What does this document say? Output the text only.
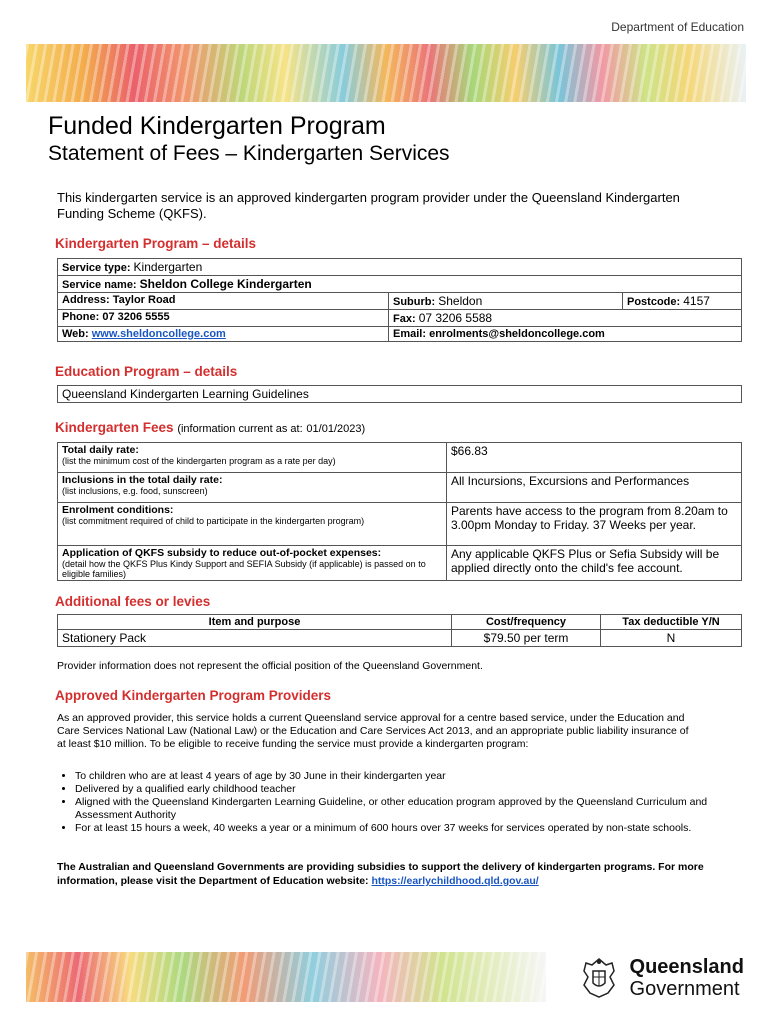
Department of Education
Funded Kindergarten Program
Statement of Fees – Kindergarten Services
This kindergarten service is an approved kindergarten program provider under the Queensland Kindergarten Funding Scheme (QKFS).
Kindergarten Program – details
Service type: Kindergarten		
Service name: Sheldon College Kindergarten		
Address: Taylor Road	Suburb: Sheldon	Postcode: 4157
Phone: 07 3206 5555	Fax: 07 3206 5588	
Web: www.sheldoncollege.com	Email: enrolments@sheldoncollege.com	
Education Program – details
Queensland Kindergarten Learning Guidelines
Kindergarten Fees (information current as at: 01/01/2023)
Total daily rate:
(list the minimum cost of the kindergarten program as a rate per day)	$66.83

Inclusions in the total daily rate:
(list inclusions, e.g. food, sunscreen)	All Incursions, Excursions and Performances

Enrolment conditions:
(list commitment required of child to participate in the kindergarten program)	Parents have access to the program from 8.20am to 3.00pm Monday to Friday. 37 Weeks per year.

Application of QKFS subsidy to reduce out-of-pocket expenses:
(detail how the QKFS Plus Kindy Support and SEFIA Subsidy (if applicable) is passed on to eligible families)	Any applicable QKFS Plus or Sefia Subsidy will be applied directly onto the child's fee account.
Additional fees or levies
Item and purpose	Cost/frequency	Tax deductible Y/N
Stationery Pack	$79.50 per term	N
Provider information does not represent the official position of the Queensland Government.
Approved Kindergarten Program Providers
As an approved provider, this service holds a current Queensland service approval for a centre based service, under the Education and Care Services National Law (National Law) or the Education and Care Services Act 2013, and an appropriate public liability insurance of at least $10 million. To be eligible to receive funding the service must provide a kindergarten program:
• To children who are at least 4 years of age by 30 June in their kindergarten year
• Delivered by a qualified early childhood teacher
• Aligned with the Queensland Kindergarten Learning Guideline, or other education program approved by the Queensland Curriculum and Assessment Authority
• For at least 15 hours a week, 40 weeks a year or a minimum of 600 hours over 37 weeks for services operated by non-state schools.
The Australian and Queensland Governments are providing subsidies to support the delivery of kindergarten programs. For more information, please visit the Department of Education website: https://earlychildhood.qld.gov.au/
Queensland
Government
